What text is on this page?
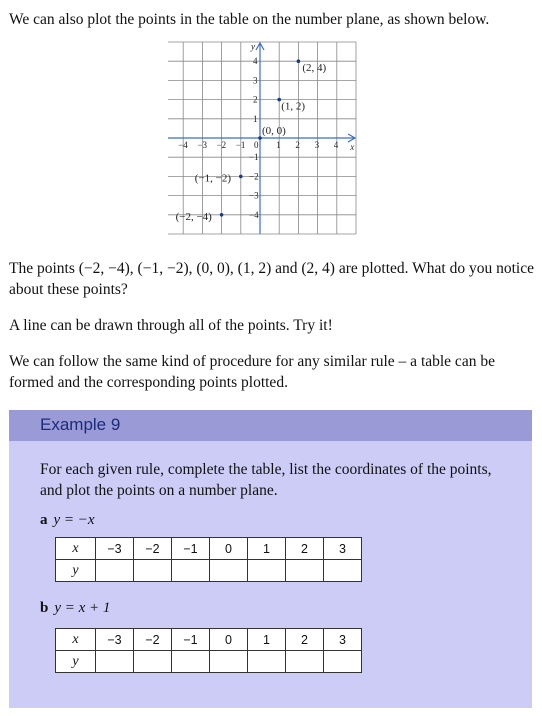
We can also plot the points in the table on the number plane, as shown below.

x
y
−4 −3 −2 −1 0 1 2 3 4
4
3
2
1
−1
−2
−3
−4
(−2, −4)
(−1, −2)
(0, 0)
(1, 2)
(2, 4)

The points (−2, −4), (−1, −2), (0, 0), (1, 2) and (2, 4) are plotted. What do you notice about these points?

A line can be drawn through all of the points. Try it!

We can follow the same kind of procedure for any similar rule – a table can be formed and the corresponding points plotted.

Example 9

For each given rule, complete the table, list the coordinates of the points, and plot the points on a number plane.

a y = −x
x	−3	−2	−1	0	1	2	3
y							
b y = x + 1
x	−3	−2	−1	0	1	2	3
y							
